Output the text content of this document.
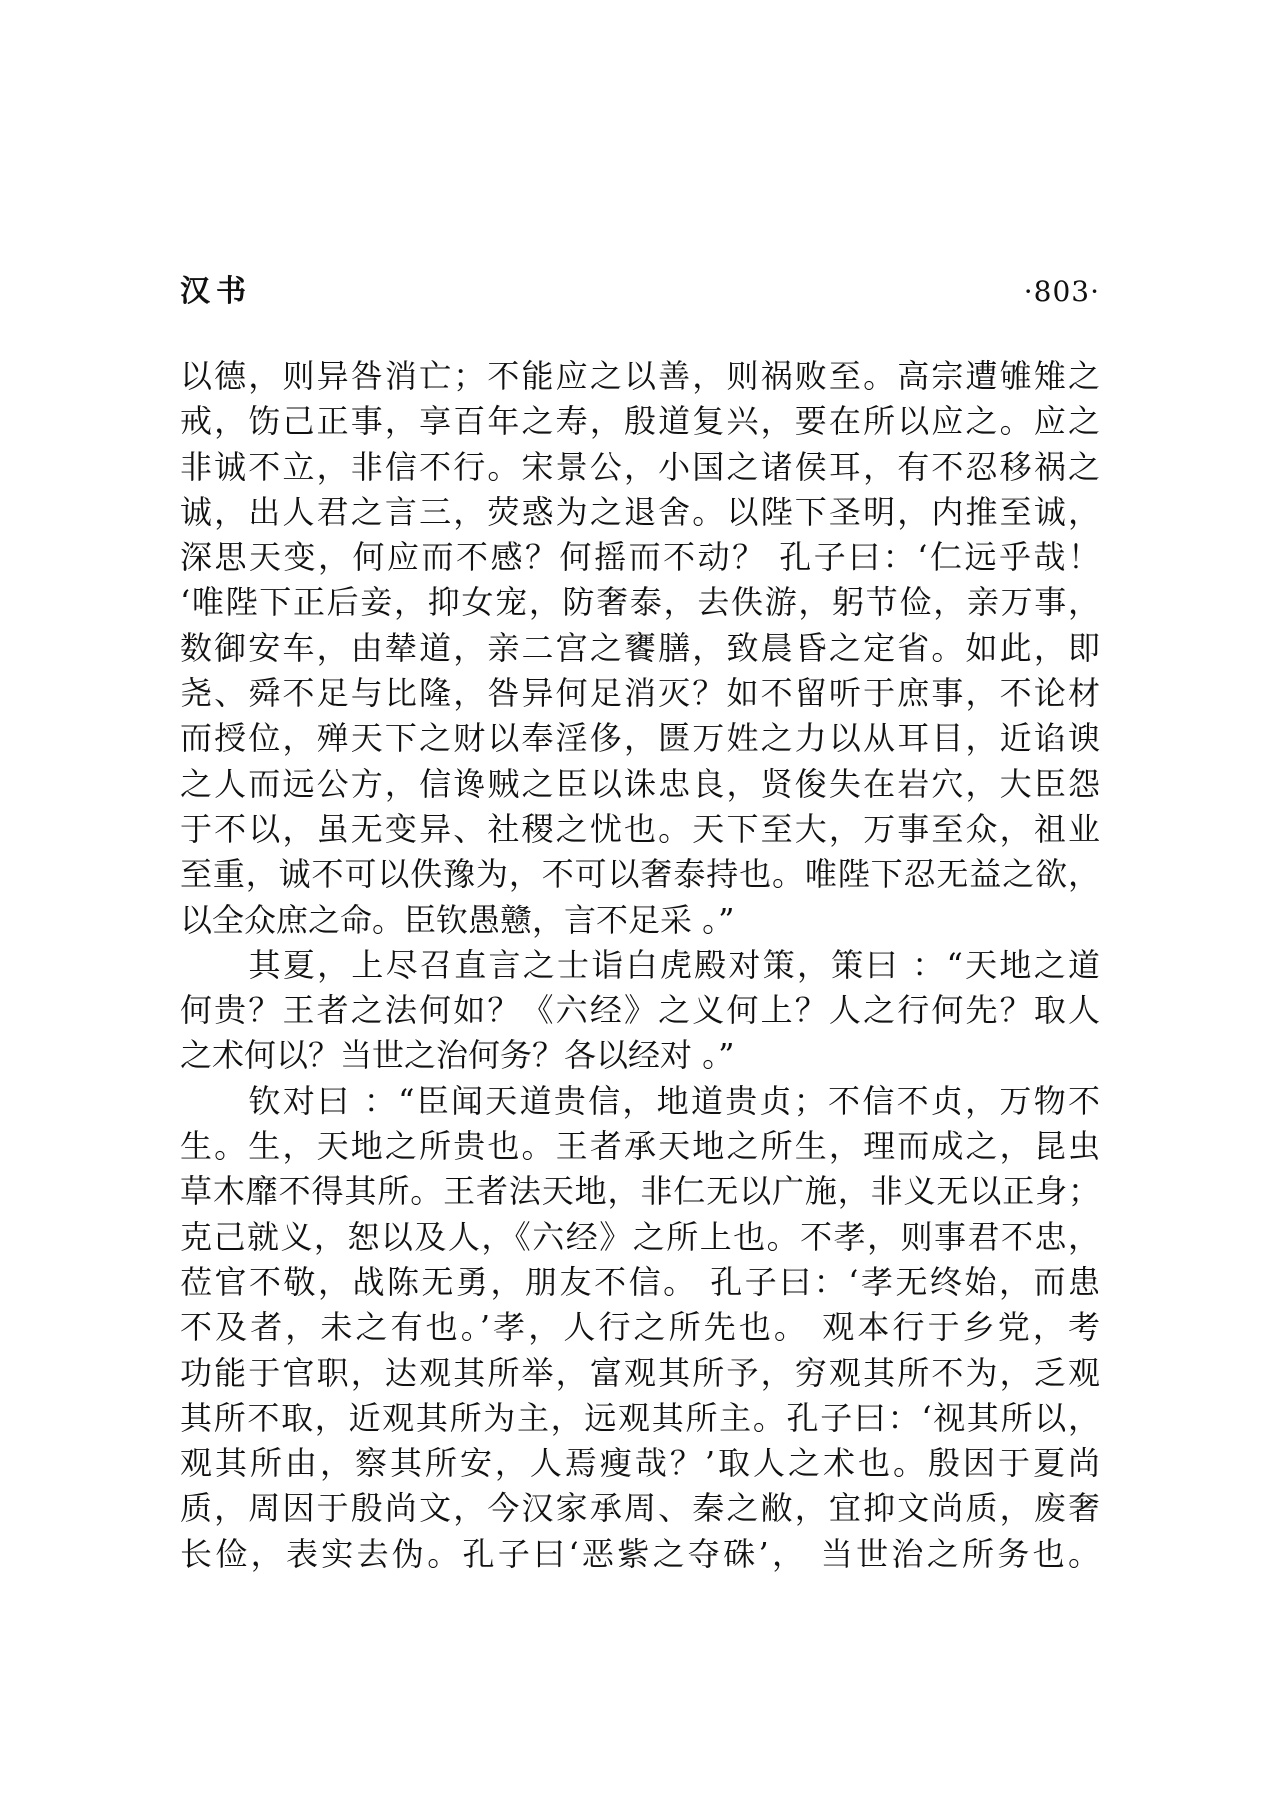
汉书	·803·
以德，则异咎消亡；不能应之以善，则祸败至。高宗遭雊雉之
戒，饬己正事，享百年之寿，殷道复兴，要在所以应之。应之
非诚不立，非信不行。宋景公，小国之诸侯耳，有不忍移祸之
诚，出人君之言三，荧惑为之退舍。以陛下圣明，内推至诚，
深思天变，何应而不感？何摇而不动？ 孔子曰：‘仁远乎哉！
‘唯陛下正后妾，抑女宠，防奢泰，去佚游，躬节俭，亲万事，
数御安车，由辇道，亲二宫之饔膳，致晨昏之定省。如此，即
尧、舜不足与比隆，咎异何足消灭？如不留听于庶事，不论材
而授位，殚天下之财以奉淫侈，匮万姓之力以从耳目，近谄谀
之人而远公方，信谗贼之臣以诛忠良，贤俊失在岩穴，大臣怨
于不以，虽无变异、社稷之忧也。天下至大，万事至众，祖业
至重，诚不可以佚豫为，不可以奢泰持也。唯陛下忍无益之欲，
以全众庶之命。臣钦愚戆，言不足采 。”
　　其夏，上尽召直言之士诣白虎殿对策，策曰 ：“天地之道
何贵？王者之法何如？《六经》之义何上？人之行何先？取人
之术何以？当世之治何务？各以经对 。”
　　钦对曰 ：“臣闻天道贵信，地道贵贞；不信不贞，万物不
生。生，天地之所贵也。王者承天地之所生，理而成之，昆虫
草木靡不得其所。王者法天地，非仁无以广施，非义无以正身；
克己就义，恕以及人，《六经》之所上也。不孝，则事君不忠，
莅官不敬，战陈无勇，朋友不信。 孔子曰：‘孝无终始，而患
不及者，未之有也。’孝，人行之所先也。 观本行于乡党，考
功能于官职，达观其所举，富观其所予，穷观其所不为，乏观
其所不取，近观其所为主，远观其所主。孔子曰：‘视其所以，
观其所由，察其所安，人焉瘦哉？’取人之术也。殷因于夏尚
质，周因于殷尚文，今汉家承周、秦之敝，宜抑文尚质，废奢
长俭，表实去伪。孔子曰‘恶紫之夺硃’， 当世治之所务也。
